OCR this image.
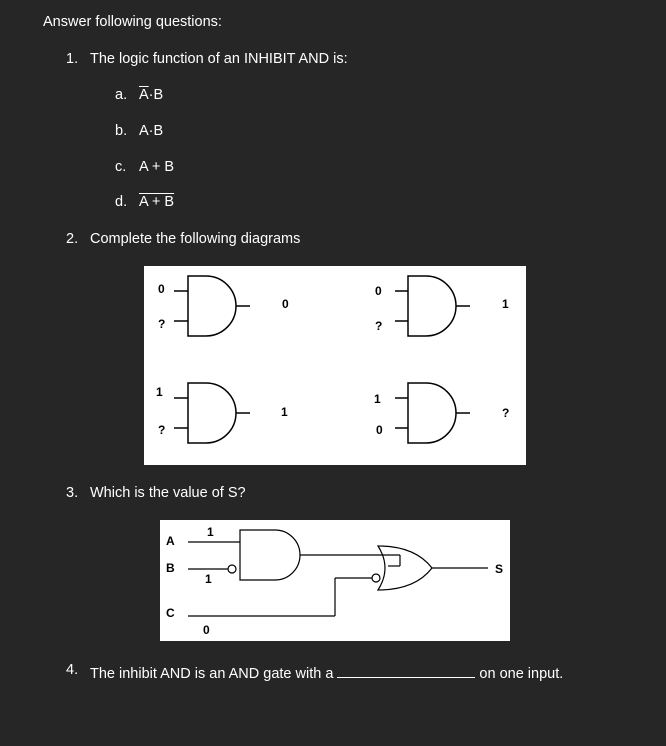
Answer following questions:
1. The logic function of an INHIBIT AND is:
a. $\overline{A}\cdot B$
b. A·B
c. A + B
d. A + B
2. Complete the following diagrams
0
?
0
0
?
1
1
?
1
1
0
?
3. Which is the value of S?
A
B
C
1
1
0
S
4. The inhibit AND is an AND gate with a	on one input.
